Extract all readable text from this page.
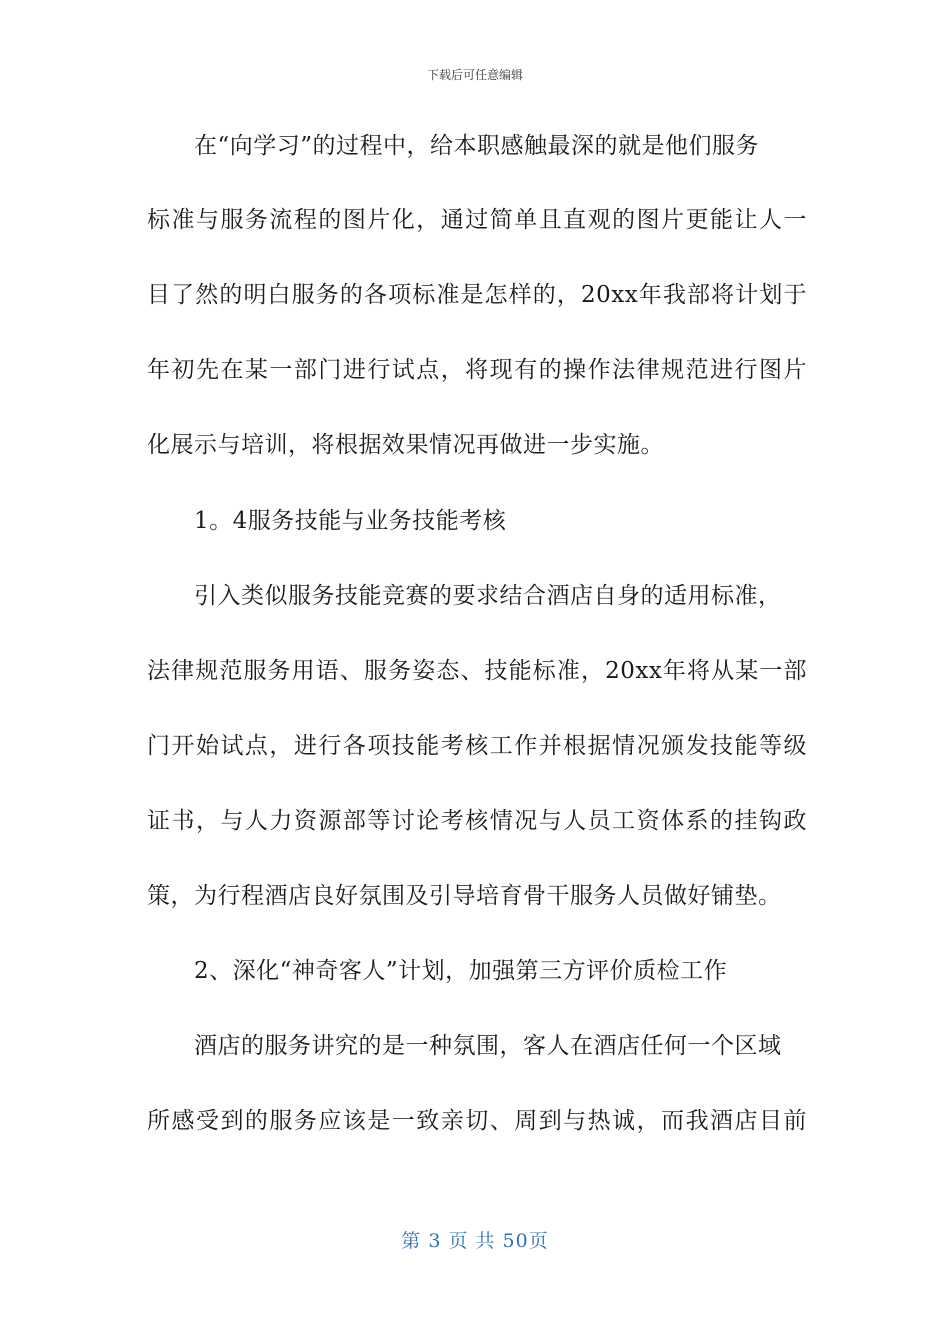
下载后可任意编辑
在“向学习”的过程中，给本职感触最深的就是他们服务
标准与服务流程的图片化，通过简单且直观的图片更能让人一
目了然的明白服务的各项标准是怎样的，20xx年我部将计划于
年初先在某一部门进行试点，将现有的操作法律规范进行图片
化展示与培训，将根据效果情况再做进一步实施。
1。4服务技能与业务技能考核
引入类似服务技能竞赛的要求结合酒店自身的适用标准，
法律规范服务用语、服务姿态、技能标准，20xx年将从某一部
门开始试点，进行各项技能考核工作并根据情况颁发技能等级
证书，与人力资源部等讨论考核情况与人员工资体系的挂钩政
策，为行程酒店良好氛围及引导培育骨干服务人员做好铺垫。
2、深化“神奇客人”计划，加强第三方评价质检工作
酒店的服务讲究的是一种氛围，客人在酒店任何一个区域
所感受到的服务应该是一致亲切、周到与热诚，而我酒店目前
第 3 页 共 50页
